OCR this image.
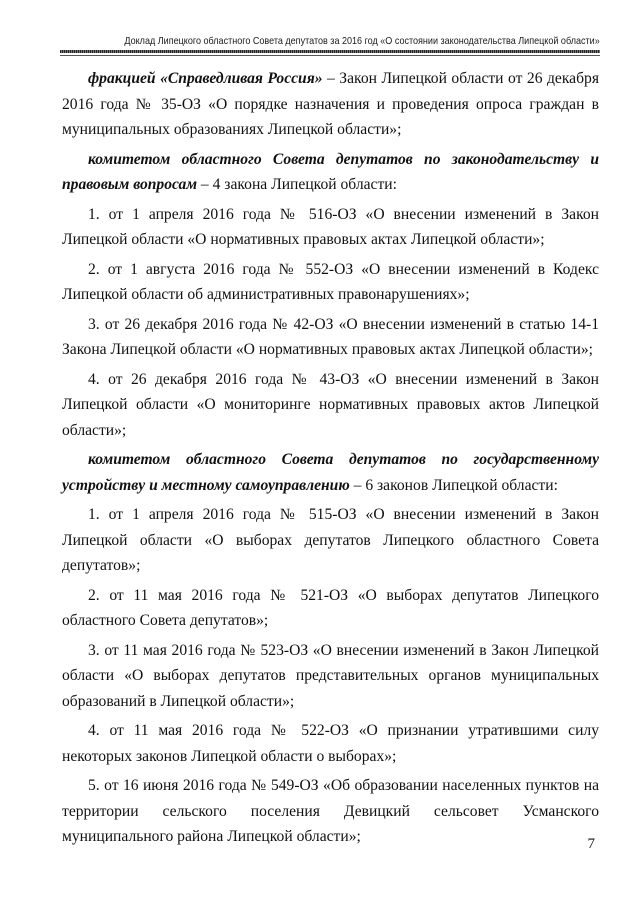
Доклад Липецкого областного Совета депутатов за 2016 год «О состоянии законодательства Липецкой области»

фракцией «Справедливая Россия» – Закон Липецкой области от 26 декабря 2016 года № 35-ОЗ «О порядке назначения и проведения опроса граждан в муниципальных образованиях Липецкой области»;

комитетом областного Совета депутатов по законодательству и правовым вопросам – 4 закона Липецкой области:

1. от 1 апреля 2016 года № 516-ОЗ «О внесении изменений в Закон Липецкой области «О нормативных правовых актах Липецкой области»;

2. от 1 августа 2016 года № 552-ОЗ «О внесении изменений в Кодекс Липецкой области об административных правонарушениях»;

3. от 26 декабря 2016 года № 42-ОЗ «О внесении изменений в статью 14-1 Закона Липецкой области «О нормативных правовых актах Липецкой области»;

4. от 26 декабря 2016 года № 43-ОЗ «О внесении изменений в Закон Липецкой области «О мониторинге нормативных правовых актов Липецкой области»;

комитетом областного Совета депутатов по государственному устройству и местному самоуправлению – 6 законов Липецкой области:

1. от 1 апреля 2016 года № 515-ОЗ «О внесении изменений в Закон Липецкой области «О выборах депутатов Липецкого областного Совета депутатов»;

2. от 11 мая 2016 года № 521-ОЗ «О выборах депутатов Липецкого областного Совета депутатов»;

3. от 11 мая 2016 года № 523-ОЗ «О внесении изменений в Закон Липецкой области «О выборах депутатов представительных органов муниципальных образований в Липецкой области»;

4. от 11 мая 2016 года № 522-ОЗ «О признании утратившими силу некоторых законов Липецкой области о выборах»;

5. от 16 июня 2016 года № 549-ОЗ «Об образовании населенных пунктов на территории сельского поселения Девицкий сельсовет Усманского муниципального района Липецкой области»;	7
